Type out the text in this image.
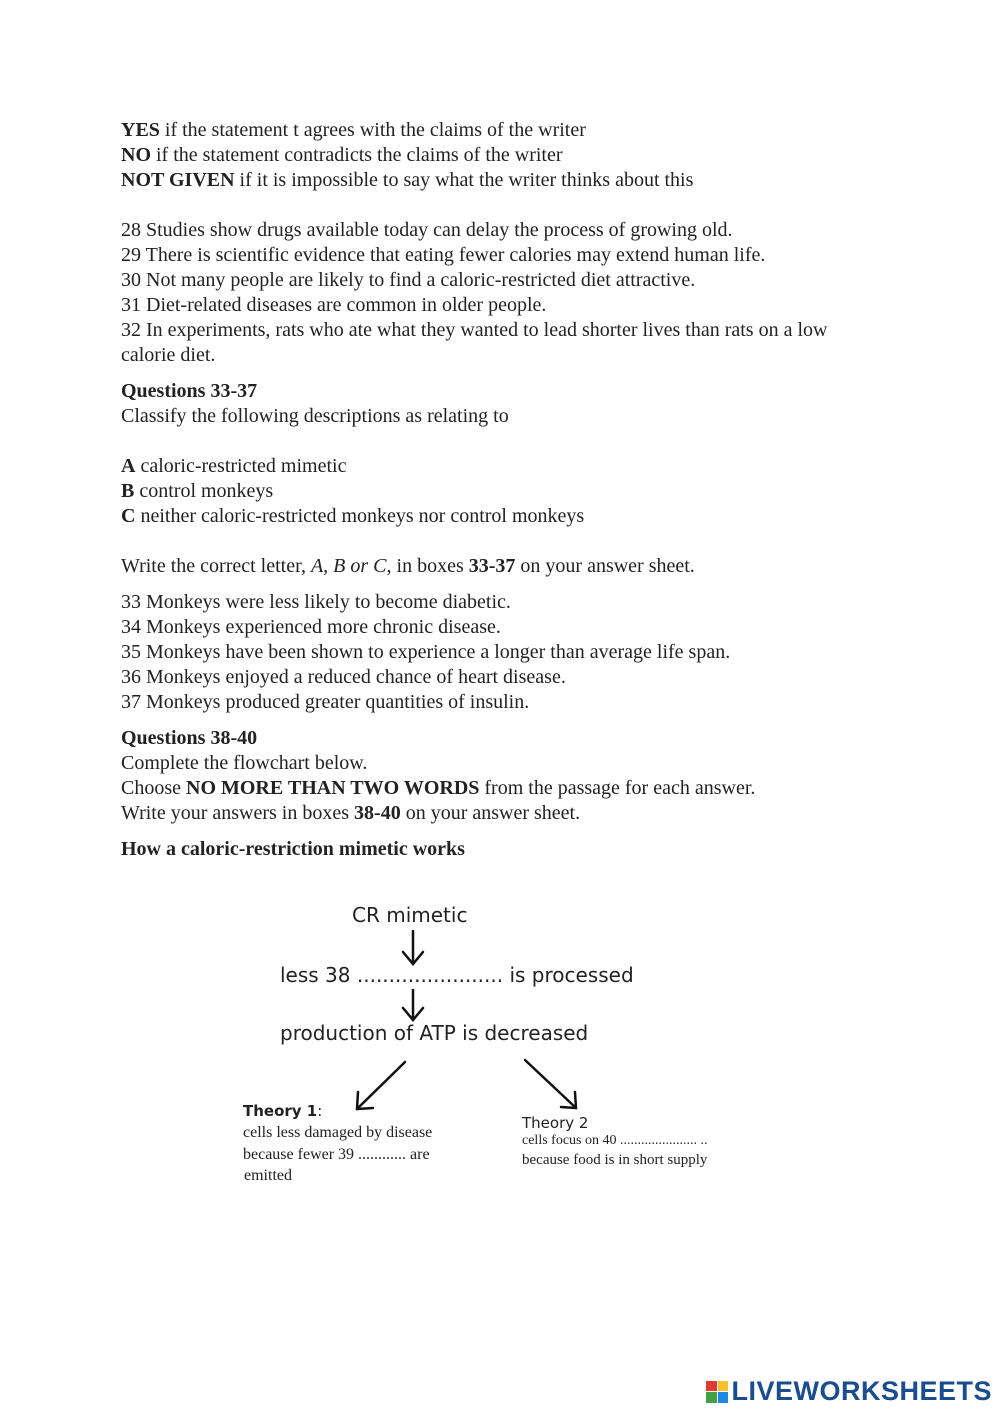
YES if the statement t agrees with the claims of the writer

NO if the statement contradicts the claims of the writer

NOT GIVEN if it is impossible to say what the writer thinks about this

28 Studies show drugs available today can delay the process of growing old.

29 There is scientific evidence that eating fewer calories may extend human life.

30 Not many people are likely to find a caloric-restricted diet attractive.

31 Diet-related diseases are common in older people.

32 In experiments, rats who ate what they wanted to lead shorter lives than rats on a low calorie diet.

Questions 33-37

Classify the following descriptions as relating to

A caloric-restricted mimetic

B control monkeys

C neither caloric-restricted monkeys nor control monkeys

Write the correct letter, A, B or C, in boxes 33-37 on your answer sheet.

33 Monkeys were less likely to become diabetic.

34 Monkeys experienced more chronic disease.

35 Monkeys have been shown to experience a longer than average life span.

36 Monkeys enjoyed a reduced chance of heart disease.

37 Monkeys produced greater quantities of insulin.

Questions 38-40

Complete the flowchart below.

Choose NO MORE THAN TWO WORDS from the passage for each answer.

Write your answers in boxes 38-40 on your answer sheet.

How a caloric-restriction mimetic works

CR mimetic
less 38 ....................... is processed
production of ATP is decreased
Theory 1:
cells less damaged by disease
because fewer 39 ............ are
emitted
Theory 2
cells focus on 40 ...................... ..
because food is in short supply
LIVEWORKSHEETS
